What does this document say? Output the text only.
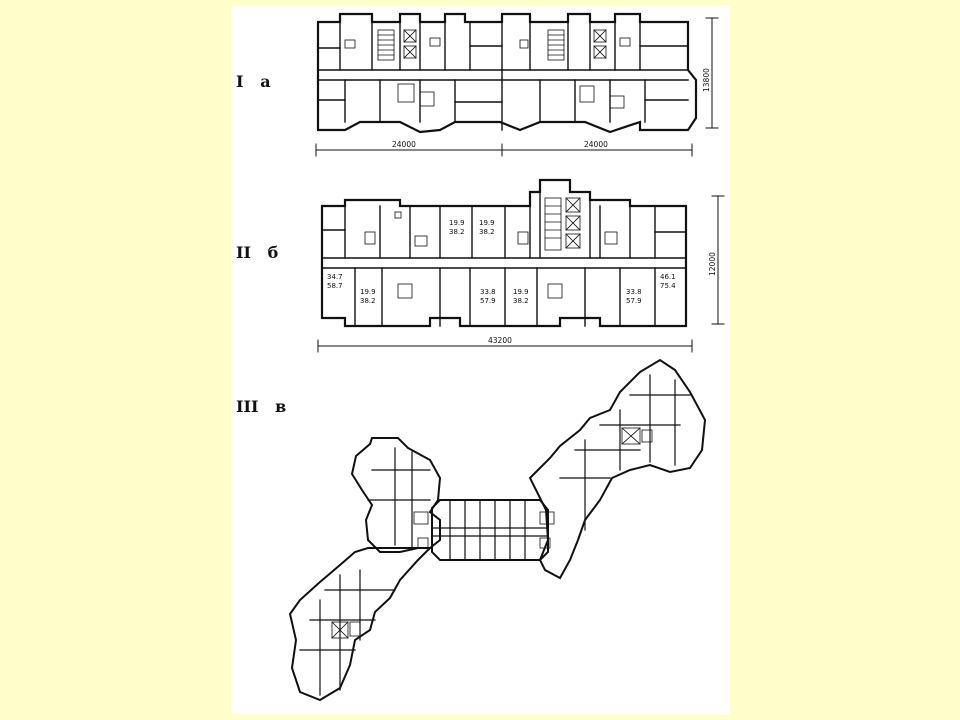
I   а
II   б
III   в
24000	24000
13800
43200
12000
19.9
38.2
19.9
38.2
34.7
58.7
19.9
38.2
33.8
57.9
19.9
38.2
33.8
57.9
46.1
75.4
